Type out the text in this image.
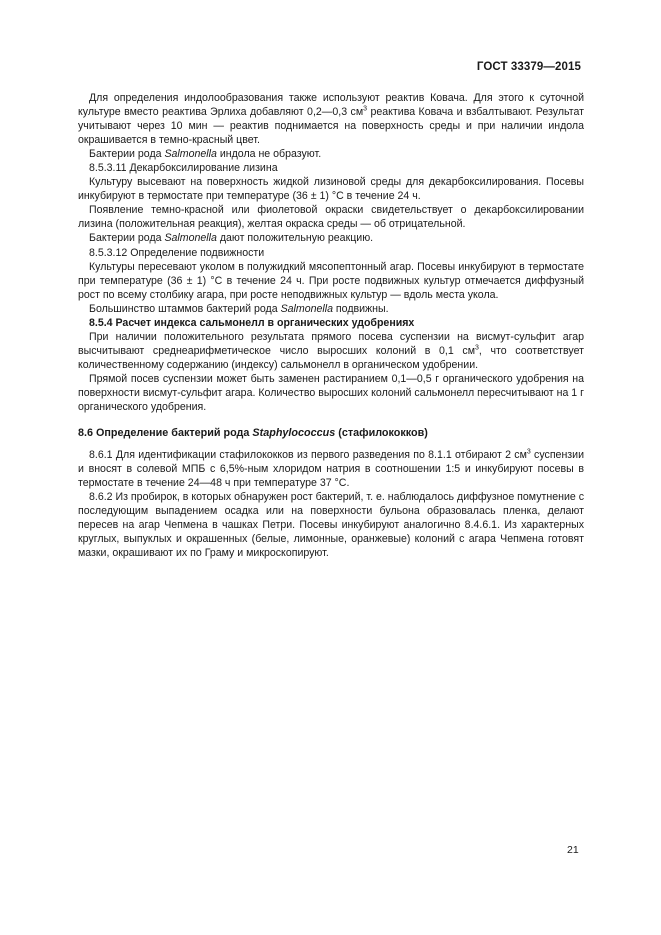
ГОСТ 33379—2015

Для определения индолообразования также используют реактив Ковача. Для этого к суточной культуре вместо реактива Эрлиха добавляют 0,2—0,3 $см^3$ реактива Ковача и взбалтывают. Результат учитывают через 10 мин — реактив поднимается на поверхность среды и при наличии индола окрашивается в темно-красный цвет.

Бактерии рода Salmonella индола не образуют.

8.5.3.11 Декарбоксилирование лизина

Культуру высевают на поверхность жидкой лизиновой среды для декарбоксилирования. Посевы инкубируют в термостате при температуре (36 ± 1) °С в течение 24 ч.

Появление темно-красной или фиолетовой окраски свидетельствует о декарбоксилировании лизина (положительная реакция), желтая окраска среды — об отрицательной.

Бактерии рода Salmonella дают положительную реакцию.

8.5.3.12 Определение подвижности

Культуры пересевают уколом в полужидкий мясопептонный агар. Посевы инкубируют в термостате при температуре (36 ± 1) °С в течение 24 ч. При росте подвижных культур отмечается диффузный рост по всему столбику агара, при росте неподвижных культур — вдоль места укола.

Большинство штаммов бактерий рода Salmonella подвижны.

8.5.4 Расчет индекса сальмонелл в органических удобрениях

При наличии положительного результата прямого посева суспензии на висмут-сульфит агар высчитывают среднеарифметическое число выросших колоний в 0,1 $см^3$, что соответствует количественному содержанию (индексу) сальмонелл в органическом удобрении.

Прямой посев суспензии может быть заменен растиранием 0,1—0,5 г органического удобрения на поверхности висмут-сульфит агара. Количество выросших колоний сальмонелл пересчитывают на 1 г органического удобрения.

8.6 Определение бактерий рода Staphylococcus (стафилококков)

8.6.1 Для идентификации стафилококков из первого разведения по 8.1.1 отбирают 2 $см^3$ суспензии и вносят в солевой МПБ с 6,5%-ным хлоридом натрия в соотношении 1:5 и инкубируют посевы в термостате в течение 24—48 ч при температуре 37 °С.

8.6.2 Из пробирок, в которых обнаружен рост бактерий, т. е. наблюдалось диффузное помутнение с последующим выпадением осадка или на поверхности бульона образовалась пленка, делают пересев на агар Чепмена в чашках Петри. Посевы инкубируют аналогично 8.4.6.1. Из характерных круглых, выпуклых и окрашенных (белые, лимонные, оранжевые) колоний с агара Чепмена готовят мазки, окрашивают их по Граму и микроскопируют.

21
